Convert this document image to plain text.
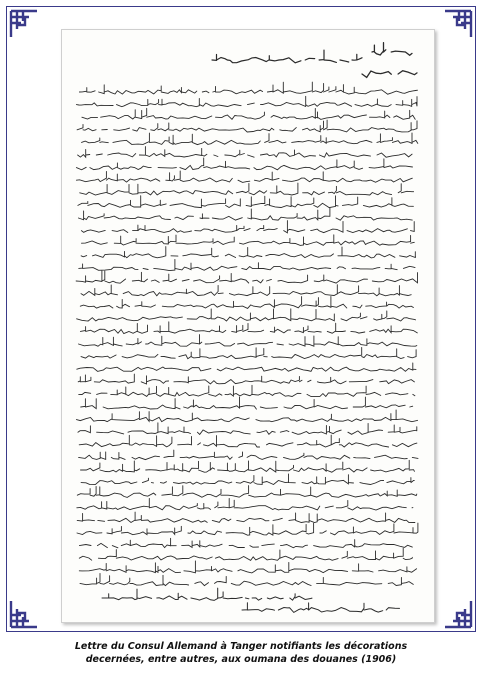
Lettre du Consul Allemand à Tanger notifiants les décorations
decernées, entre autres, aux oumana des douanes (1906)
